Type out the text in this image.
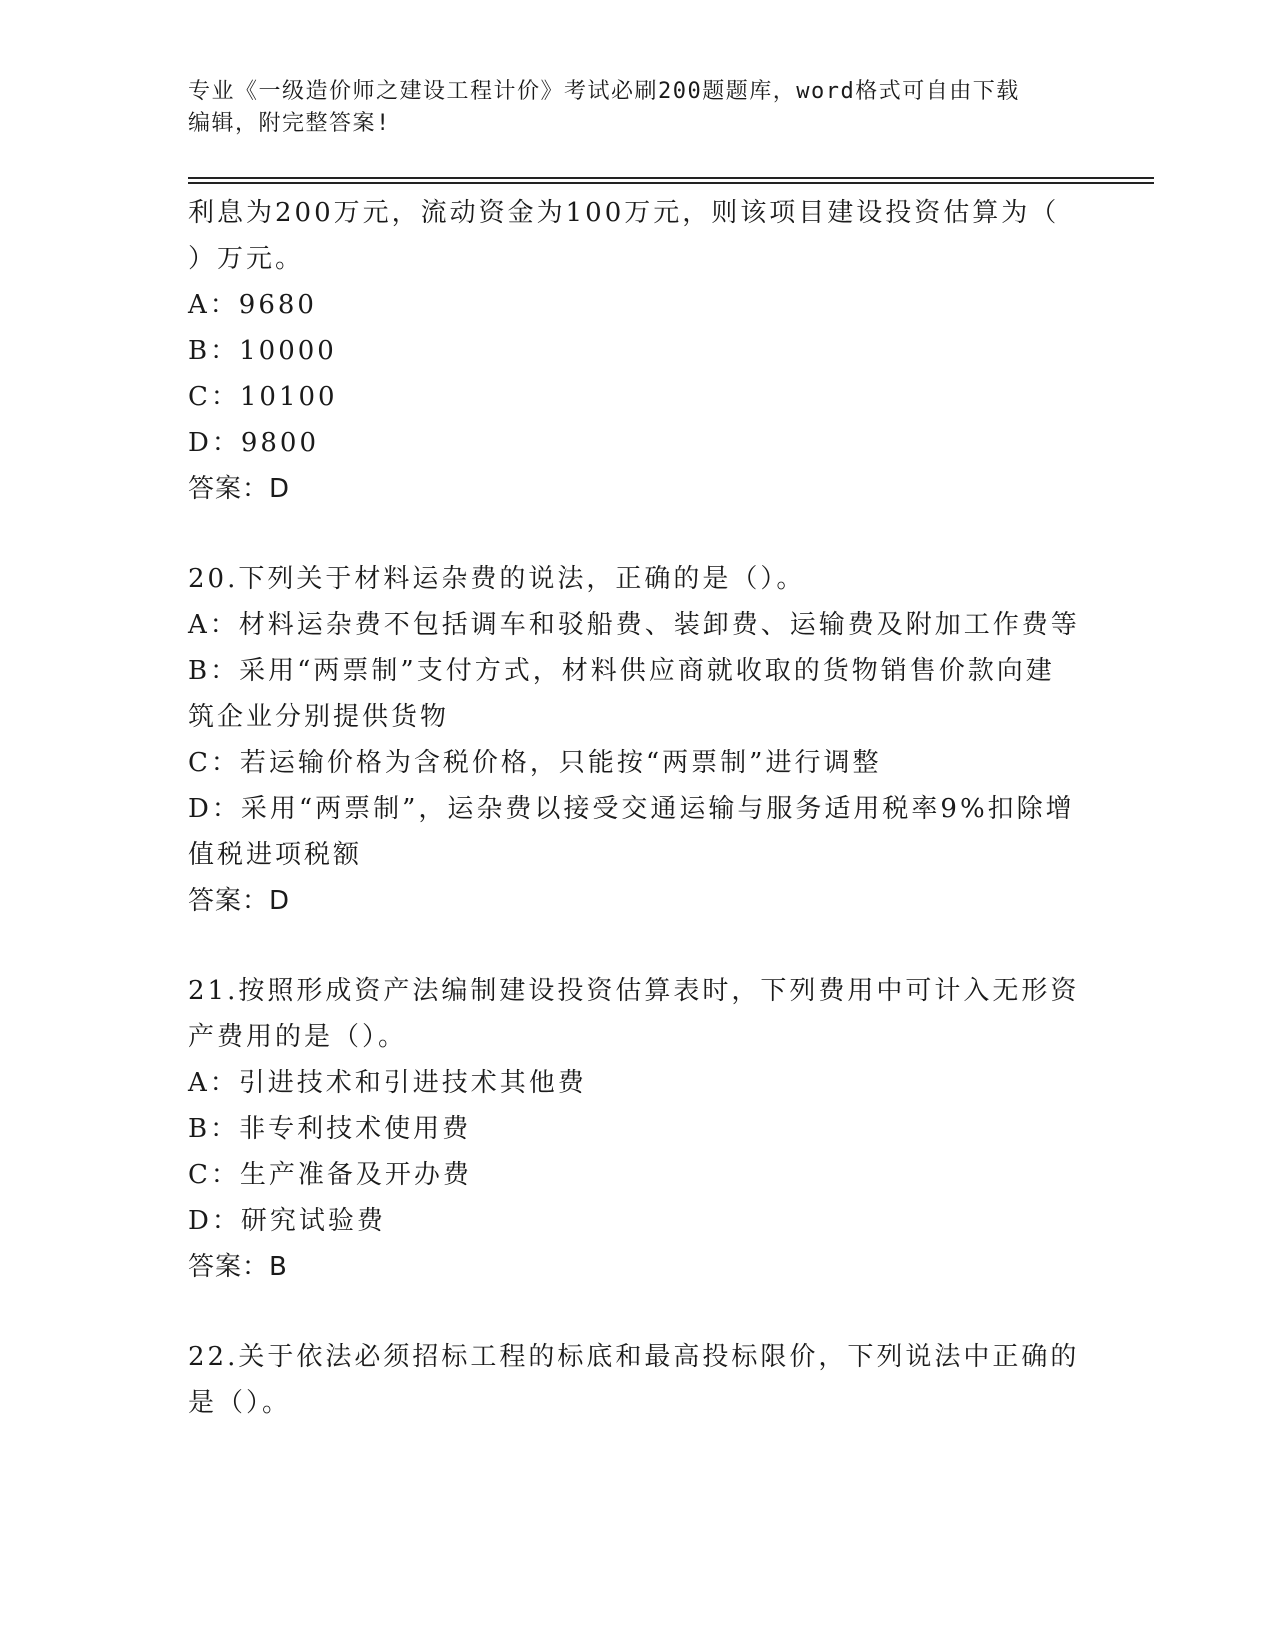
专业《一级造价师之建设工程计价》考试必刷200题题库，word格式可自由下载
编辑，附完整答案!
利息为200万元，流动资金为100万元，则该项目建设投资估算为（
）万元。
A：9680
B：10000
C：10100
D：9800
答案：D
20.下列关于材料运杂费的说法，正确的是（）。
A：材料运杂费不包括调车和驳船费、装卸费、运输费及附加工作费等
B：采用“两票制”支付方式，材料供应商就收取的货物销售价款向建
筑企业分别提供货物
C：若运输价格为含税价格，只能按“两票制”进行调整
D：采用“两票制”，运杂费以接受交通运输与服务适用税率9%扣除增
值税进项税额
答案：D
21.按照形成资产法编制建设投资估算表时，下列费用中可计入无形资
产费用的是（）。
A：引进技术和引进技术其他费
B：非专利技术使用费
C：生产准备及开办费
D：研究试验费
答案：B
22.关于依法必须招标工程的标底和最高投标限价，下列说法中正确的
是（）。
